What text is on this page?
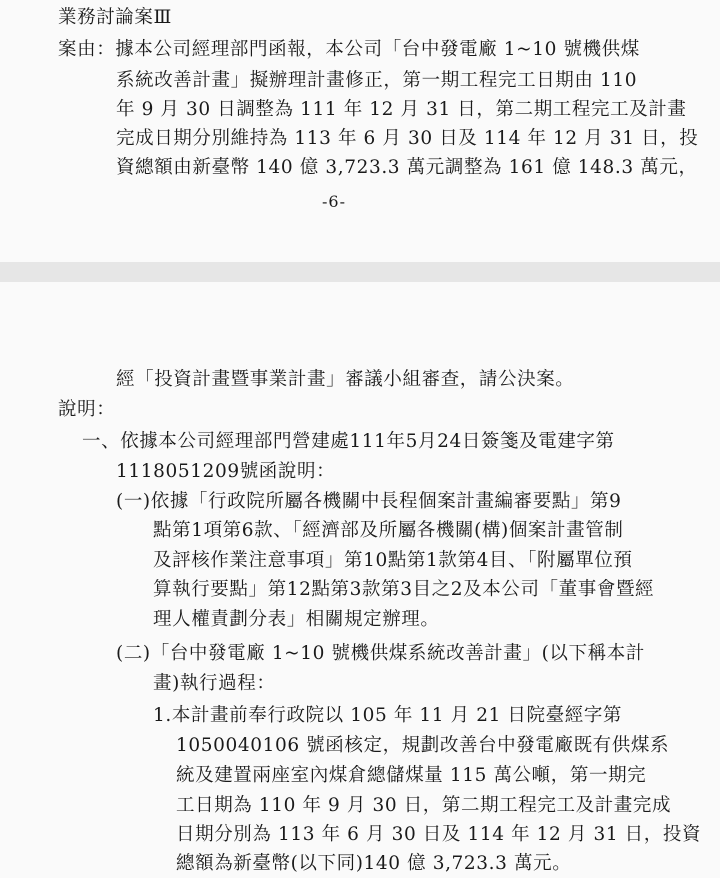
業務討論案Ⅲ
案由：據本公司經理部門函報，本公司「台中發電廠 1~10 號機供煤
系統改善計畫」擬辦理計畫修正，第一期工程完工日期由 110
年 9 月 30 日調整為 111 年 12 月 31 日，第二期工程完工及計畫
完成日期分別維持為 113 年 6 月 30 日及 114 年 12 月 31 日，投
資總額由新臺幣 140 億 3,723.3 萬元調整為 161 億 148.3 萬元，
-6-
經「投資計畫暨事業計畫」審議小組審查，請公決案。
說明：
一、依據本公司經理部門營建處111年5月24日簽箋及電建字第
1118051209號函說明：
(一)依據「行政院所屬各機關中長程個案計畫編審要點」第9
點第1項第6款、「經濟部及所屬各機關(構)個案計畫管制
及評核作業注意事項」第10點第1款第4目、「附屬單位預
算執行要點」第12點第3款第3目之2及本公司「董事會暨經
理人權責劃分表」相關規定辦理。
(二)「台中發電廠 1~10 號機供煤系統改善計畫」(以下稱本計
畫)執行過程：
1.本計畫前奉行政院以 105 年 11 月 21 日院臺經字第
1050040106 號函核定，規劃改善台中發電廠既有供煤系
統及建置兩座室內煤倉總儲煤量 115 萬公噸，第一期完
工日期為 110 年 9 月 30 日，第二期工程完工及計畫完成
日期分別為 113 年 6 月 30 日及 114 年 12 月 31 日，投資
總額為新臺幣(以下同)140 億 3,723.3 萬元。
